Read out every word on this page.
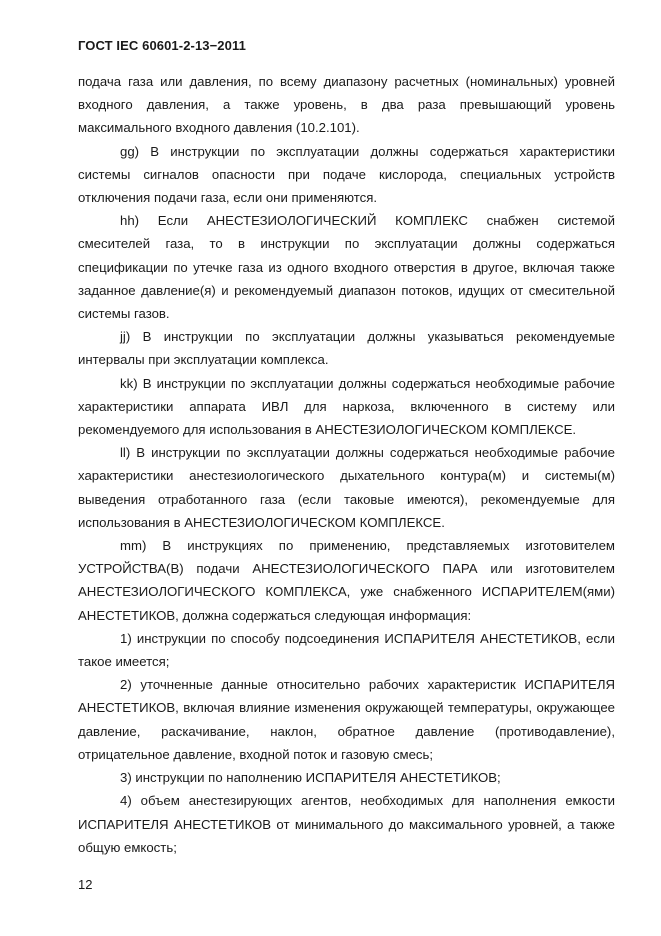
ГОСТ IEC 60601-2-13−2011

подача газа или давления, по всему диапазону расчетных (номинальных) уровней входного давления, а также уровень, в два раза превышающий уровень максимального входного давления (10.2.101).

gg) В инструкции по эксплуатации должны содержаться характеристики системы сигналов опасности при подаче кислорода, специальных устройств отключения подачи газа, если они применяются.

hh) Если АНЕСТЕЗИОЛОГИЧЕСКИЙ КОМПЛЕКС снабжен системой смесителей газа, то в инструкции по эксплуатации должны содержаться спецификации по утечке газа из одного входного отверстия в другое, включая также заданное давление(я) и рекомендуемый диапазон потоков, идущих от смесительной системы газов.

jj) В инструкции по эксплуатации должны указываться рекомендуемые интервалы при эксплуатации комплекса.

kk) В инструкции по эксплуатации должны содержаться необходимые рабочие характеристики аппарата ИВЛ для наркоза, включенного в систему или рекомендуемого для использования в АНЕСТЕЗИОЛОГИЧЕСКОМ КОМПЛЕКСЕ.

ll) В инструкции по эксплуатации должны содержаться необходимые рабочие характеристики анестезиологического дыхательного контура(м) и системы(м) выведения отработанного газа (если таковые имеются), рекомендуемые для использования в АНЕСТЕЗИОЛОГИЧЕСКОМ КОМПЛЕКСЕ.

mm) В инструкциях по применению, представляемых изготовителем УСТРОЙСТВА(В) подачи АНЕСТЕЗИОЛОГИЧЕСКОГО ПАРА или изготовителем АНЕСТЕЗИОЛОГИЧЕСКОГО КОМПЛЕКСА, уже снабженного ИСПАРИТЕЛЕМ(ями) АНЕСТЕТИКОВ, должна содержаться следующая информация:

1) инструкции по способу подсоединения ИСПАРИТЕЛЯ АНЕСТЕТИКОВ, если такое имеется;

2) уточненные данные относительно рабочих характеристик ИСПАРИТЕЛЯ АНЕСТЕТИКОВ, включая влияние изменения окружающей температуры, окружающее давление, раскачивание, наклон, обратное давление (противодавление), отрицательное давление, входной поток и газовую смесь;

3) инструкции по наполнению ИСПАРИТЕЛЯ АНЕСТЕТИКОВ;

4) объем анестезирующих агентов, необходимых для наполнения емкости ИСПАРИТЕЛЯ АНЕСТЕТИКОВ от минимального до максимального уровней, а также общую емкость;

12
